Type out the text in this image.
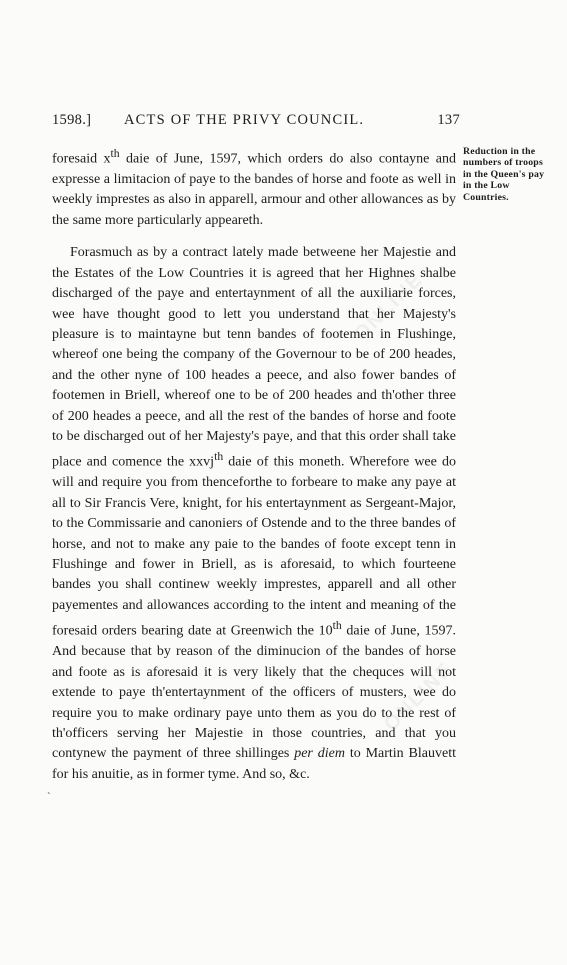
ONLINE
ONLINE
1598.] ACTS OF THE PRIVY COUNCIL.	137
Reduction in the numbers of troops in the Queen's pay in the Low Countries.
`

foresaid $x^{th}$ daie of June, 1597, which orders do also contayne and expresse a limitacion of paye to the bandes of horse and foote as well in weekly imprestes as also in apparell, armour and other allowances as by the same more particularly appeareth.

Forasmuch as by a contract lately made betweene her Majestie and the Estates of the Low Countries it is agreed that her Highnes shalbe discharged of the paye and entertaynment of all the auxiliarie forces, wee have thought good to lett you understand that her Majesty's pleasure is to maintayne but tenn bandes of footemen in Flushinge, whereof one being the company of the Governour to be of 200 heades, and the other nyne of 100 heades a peece, and also fower bandes of footemen in Briell, whereof one to be of 200 heades and th'other three of 200 heades a peece, and all the rest of the bandes of horse and foote to be discharged out of her Majesty's paye, and that this order shall take place and comence the xxvj$^{th}$ daie of this moneth. Wherefore wee do will and require you from thenceforthe to forbeare to make any paye at all to Sir Francis Vere, knight, for his entertaynment as Sergeant-Major, to the Commissarie and canoniers of Ostende and to the three bandes of horse, and not to make any paie to the bandes of foote except tenn in Flushinge and fower in Briell, as is aforesaid, to which fourteene bandes you shall continew weekly imprestes, apparell and all other payementes and allowances according to the intent and meaning of the foresaid orders bearing date at Greenwich the 10th daie of June, 1597. And because that by reason of the diminucion of the bandes of horse and foote as is aforesaid it is very likely that the chequces will not extende to paye th'entertaynment of the officers of musters, wee do require you to make ordinary paye unto them as you do to the rest of th'officers serving her Majestie in those countries, and that you contynew the payment of three shillinges per diem to Martin Blauvett for his anuitie, as in former tyme. And so, &c.
